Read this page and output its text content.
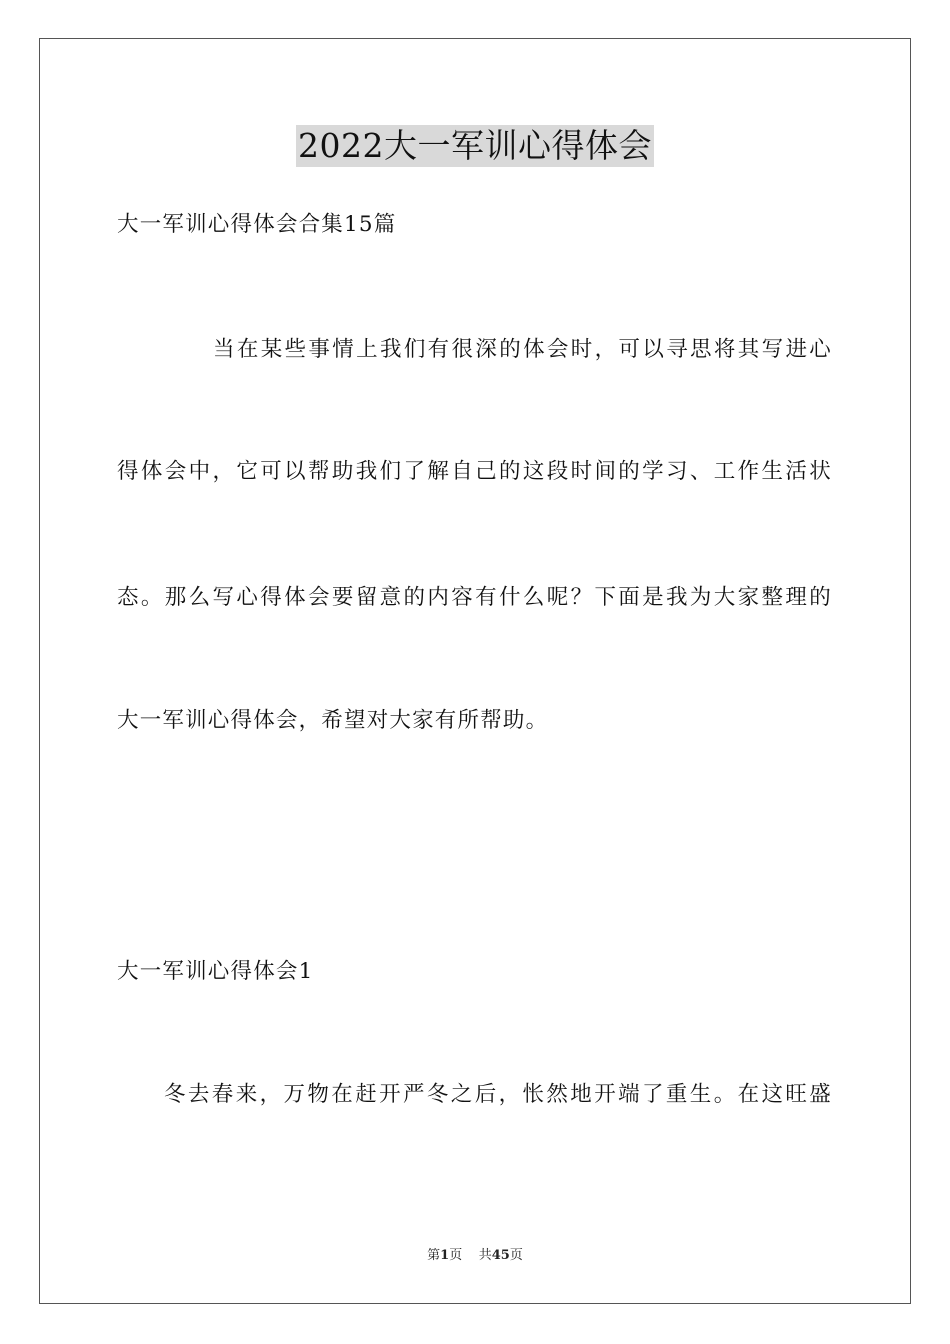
2022大一军训心得体会
大一军训心得体会合集15篇
当在某些事情上我们有很深的体会时，可以寻思将其写进心
得体会中，它可以帮助我们了解自己的这段时间的学习、工作生活状
态。那么写心得体会要留意的内容有什么呢？下面是我为大家整理的
大一军训心得体会，希望对大家有所帮助。
大一军训心得体会1
冬去春来，万物在赶开严冬之后，怅然地开端了重生。在这旺盛
第1页 共45页
